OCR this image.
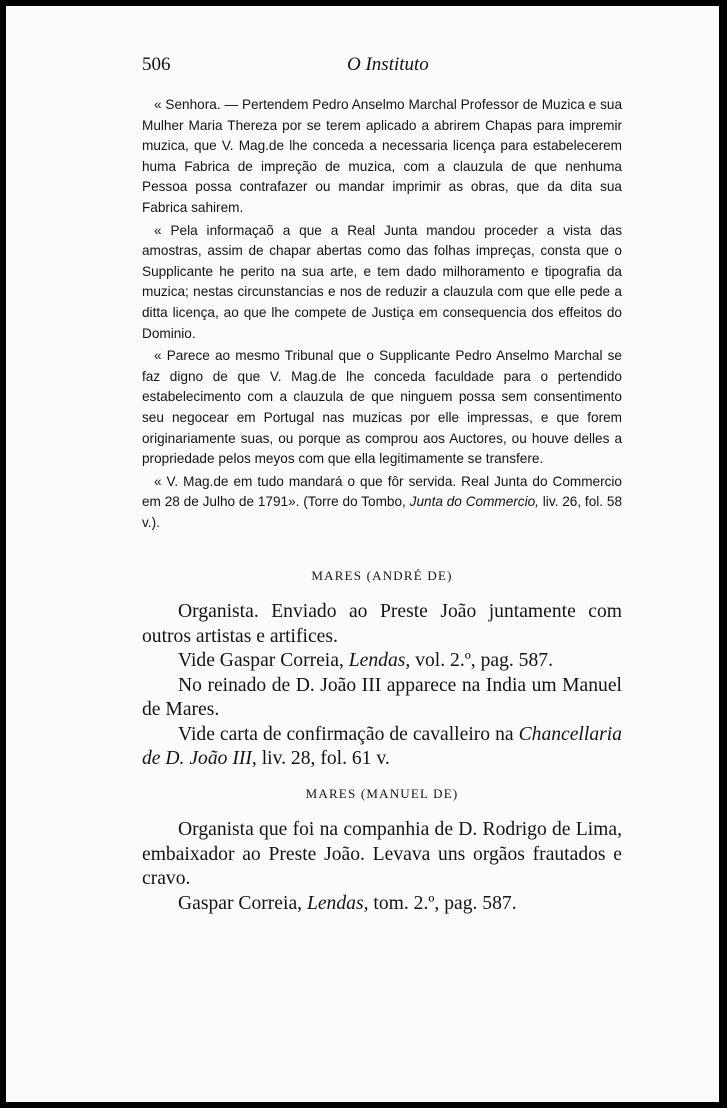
506	O Instituto

« Senhora. — Pertendem Pedro Anselmo Marchal Professor de Muzica e sua Mulher Maria Thereza por se terem aplicado a abrirem Chapas para impremir muzica, que V. Mag.de lhe conceda a necessaria licença para estabelecerem huma Fabrica de impreção de muzica, com a clauzula de que nenhuma Pessoa possa contrafazer ou mandar imprimir as obras, que da dita sua Fabrica sahirem.

« Pela informaçaõ a que a Real Junta mandou proceder a vista das amostras, assim de chapar abertas como das folhas impreças, consta que o Supplicante he perito na sua arte, e tem dado milhoramento e tipografia da muzica; nestas circunstancias e nos de reduzir a clauzula com que elle pede a ditta licença, ao que lhe compete de Justiça em consequencia dos effeitos do Dominio.

« Parece ao mesmo Tribunal que o Supplicante Pedro Anselmo Marchal se faz digno de que V. Mag.de lhe conceda faculdade para o pertendido estabelecimento com a clauzula de que ninguem possa sem consentimento seu negocear em Portugal nas muzicas por elle impressas, e que forem originariamente suas, ou porque as comprou aos Auctores, ou houve delles a propriedade pelos meyos com que ella legitimamente se transfere.

« V. Mag.de em tudo mandará o que fôr servida. Real Junta do Commercio em 28 de Julho de 1791». (Torre do Tombo, Junta do Commercio, liv. 26, fol. 58 v.).

MARES (ANDRÉ DE)

Organista. Enviado ao Preste João juntamente com outros artistas e artifices.

Vide Gaspar Correia, Lendas, vol. 2.º, pag. 587.

No reinado de D. João III apparece na India um Manuel de Mares.

Vide carta de confirmação de cavalleiro na Chancellaria de D. João III, liv. 28, fol. 61 v.

MARES (MANUEL DE)

Organista que foi na companhia de D. Rodrigo de Lima, embaixador ao Preste João. Levava uns orgãos frautados e cravo.

Gaspar Correia, Lendas, tom. 2.º, pag. 587.
